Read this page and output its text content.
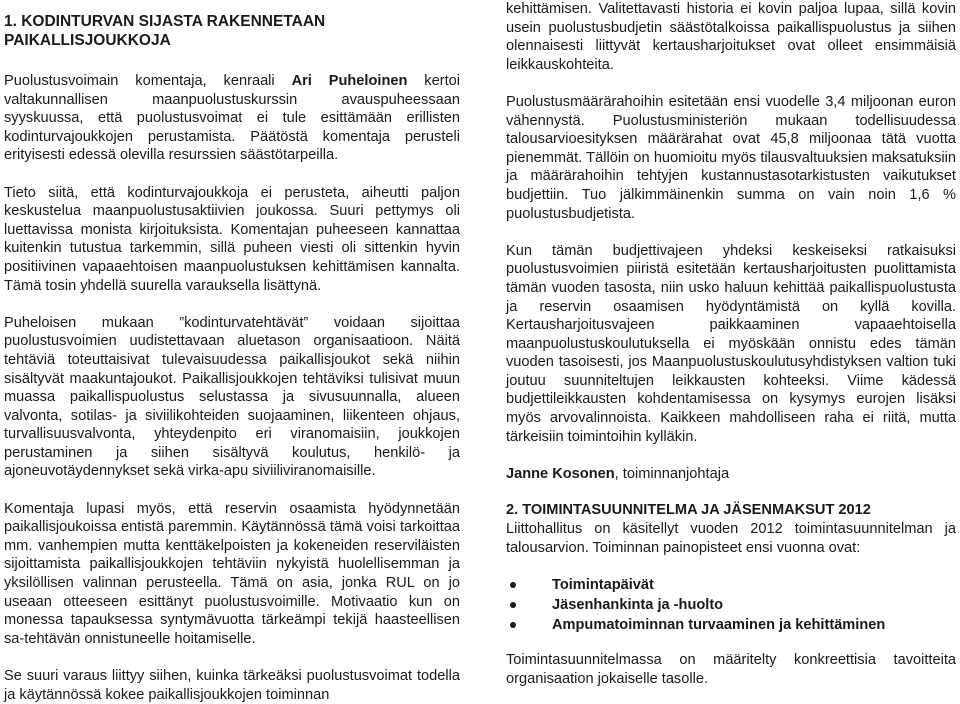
1. KODINTURVAN SIJASTA RAKENNETAAN PAIKALLISJOUKKOJA

Puolustusvoimain komentaja, kenraali Ari Puheloinen kertoi valtakunnallisen maanpuolustuskurssin avauspuheessaan syyskuussa, että puolustusvoimat ei tule esittämään erillisten kodinturvajoukkojen perustamista. Päätöstä komentaja perusteli erityisesti edessä olevilla resurssien säästötarpeilla.

Tieto siitä, että kodinturvajoukkoja ei perusteta, aiheutti paljon keskustelua maanpuolustusaktiivien joukossa. Suuri pettymys oli luettavissa monista kirjoituksista. Komentajan puheeseen kannattaa kuitenkin tutustua tarkemmin, sillä puheen viesti oli sittenkin hyvin positiivinen vapaaehtoisen maanpuolustuksen kehittämisen kannalta. Tämä tosin yhdellä suurella varauksella lisättynä.

Puheloisen mukaan ”kodinturvatehtävät” voidaan sijoittaa puolustusvoimien uudistettavaan aluetason organisaatioon. Näitä tehtäviä toteuttaisivat tulevaisuudessa paikallisjoukot sekä niihin sisältyvät maakuntajoukot. Paikallisjoukkojen tehtäviksi tulisivat muun muassa paikallispuolustus selustassa ja sivusuunnalla, alueen valvonta, sotilas- ja siviilikohteiden suojaaminen, liikenteen ohjaus, turvallisuusvalvonta, yhteydenpito eri viranomaisiin, joukkojen perustaminen ja siihen sisältyvä koulutus, henkilö- ja ajoneuvotäydennykset sekä virka-apu siviiliviranomaisille.

Komentaja lupasi myös, että reservin osaamista hyödynnetään paikallisjoukoissa entistä paremmin. Käytännössä tämä voisi tarkoittaa mm. vanhempien mutta kenttäkelpoisten ja kokeneiden reserviläisten sijoittamista paikallisjoukkojen tehtäviin nykyistä huolellisemman ja yksilöllisen valinnan perusteella. Tämä on asia, jonka RUL on jo useaan otteeseen esittänyt puolustusvoimille. Motivaatio kun on monessa tapauksessa syntymävuotta tärkeämpi tekijä haasteellisen sa-tehtävän onnistuneelle hoitamiselle.

Se suuri varaus liittyy siihen, kuinka tärkeäksi puolustusvoimat todella ja käytännössä kokee paikallisjoukkojen toiminnan

kehittämisen. Valitettavasti historia ei kovin paljoa lupaa, sillä kovin usein puolustusbudjetin säästötalkoissa paikallispuolustus ja siihen olennaisesti liittyvät kertausharjoitukset ovat olleet ensimmäisiä leikkauskohteita.

Puolustusmäärärahoihin esitetään ensi vuodelle 3,4 miljoonan euron vähennystä. Puolustusministeriön mukaan todellisuudessa talousarvioesityksen määrärahat ovat 45,8 miljoonaa tätä vuotta pienemmät. Tällöin on huomioitu myös tilausvaltuuksien maksatuksiin ja määrärahoihin tehtyjen kustannustasotarkistusten vaikutukset budjettiin. Tuo jälkimmäinenkin summa on vain noin 1,6 % puolustusbudjetista.

Kun tämän budjettivajeen yhdeksi keskeiseksi ratkaisuksi puolustusvoimien piiristä esitetään kertausharjoitusten puolittamista tämän vuoden tasosta, niin usko haluun kehittää paikallispuolustusta ja reservin osaamisen hyödyntämistä on kyllä kovilla. Kertausharjoitusvajeen paikkaaminen vapaaehtoisella maanpuolustuskoulutuksella ei myöskään onnistu edes tämän vuoden tasoisesti, jos Maanpuolustuskoulutusyhdistyksen valtion tuki joutuu suunniteltujen leikkausten kohteeksi. Viime kädessä budjettileikkausten kohdentamisessa on kysymys eurojen lisäksi myös arvovalinnoista. Kaikkeen mahdolliseen raha ei riitä, mutta tärkeisiin toimintoihin kylläkin.

Janne Kosonen, toiminnanjohtaja

2. TOIMINTASUUNNITELMA JA JÄSENMAKSUT 2012

Liittohallitus on käsitellyt vuoden 2012 toimintasuunnitelman ja talousarvion. Toiminnan painopisteet ensi vuonna ovat:

Toimintapäivät
Jäsenhankinta ja -huolto
Ampumatoiminnan turvaaminen ja kehittäminen

Toimintasuunnitelmassa on määritelty konkreettisia tavoitteita organisaation jokaiselle tasolle.
